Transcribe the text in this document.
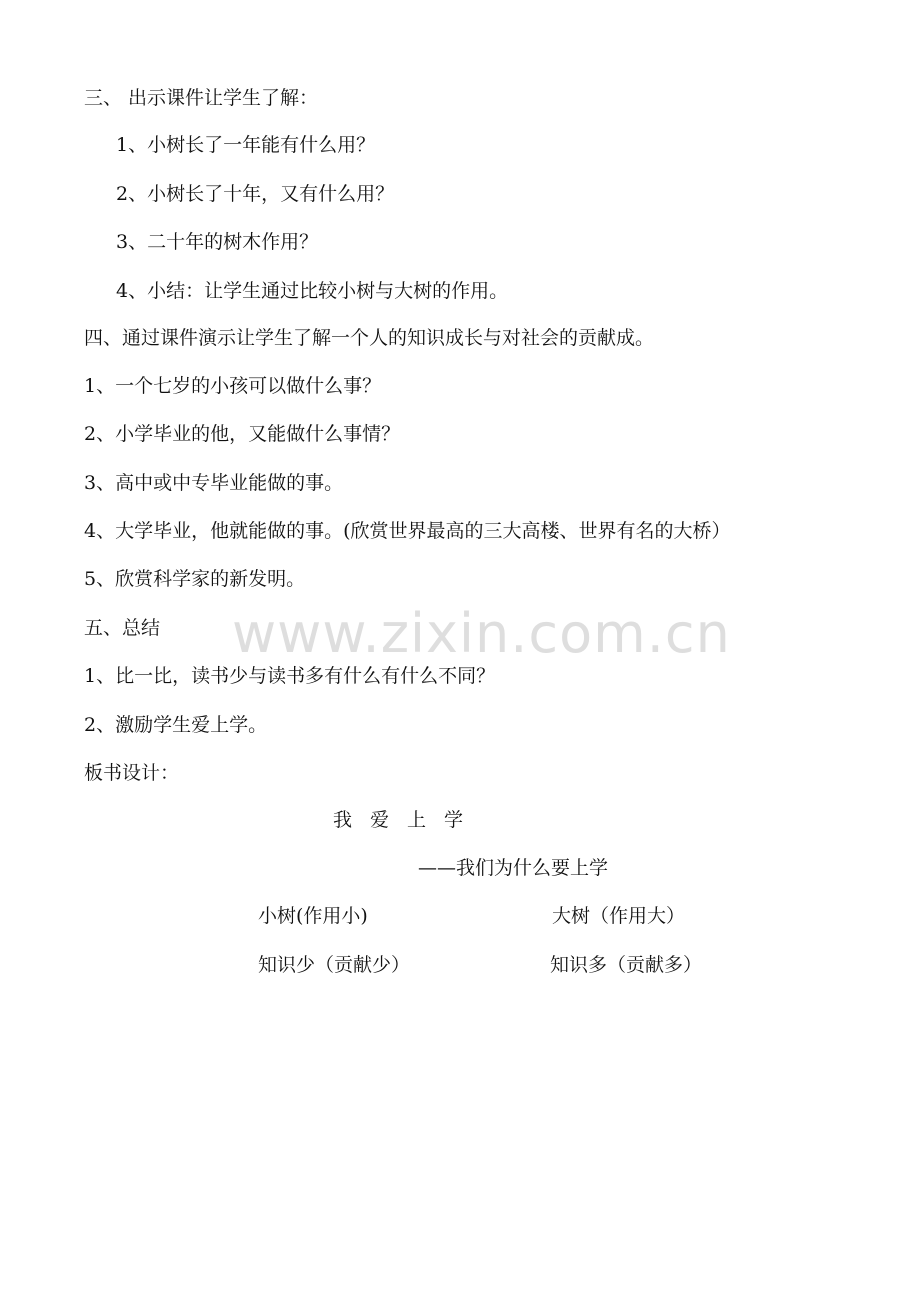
www.zixin.com.cn
三、 出示课件让学生了解：
1、小树长了一年能有什么用？
2、小树长了十年，又有什么用？
3、二十年的树木作用？
4、小结：让学生通过比较小树与大树的作用。
四、通过课件演示让学生了解一个人的知识成长与对社会的贡献成。
1、一个七岁的小孩可以做什么事？
2、小学毕业的他，又能做什么事情？
3、高中或中专毕业能做的事。
4、大学毕业，他就能做的事。(欣赏世界最高的三大高楼、世界有名的大桥）
5、欣赏科学家的新发明。
五、总结
1、比一比，读书少与读书多有什么有什么不同？
2、激励学生爱上学。
板书设计：
我爱上学
——我们为什么要上学
小树(作用小)	大树（作用大）
知识少（贡献少）	知识多（贡献多）
